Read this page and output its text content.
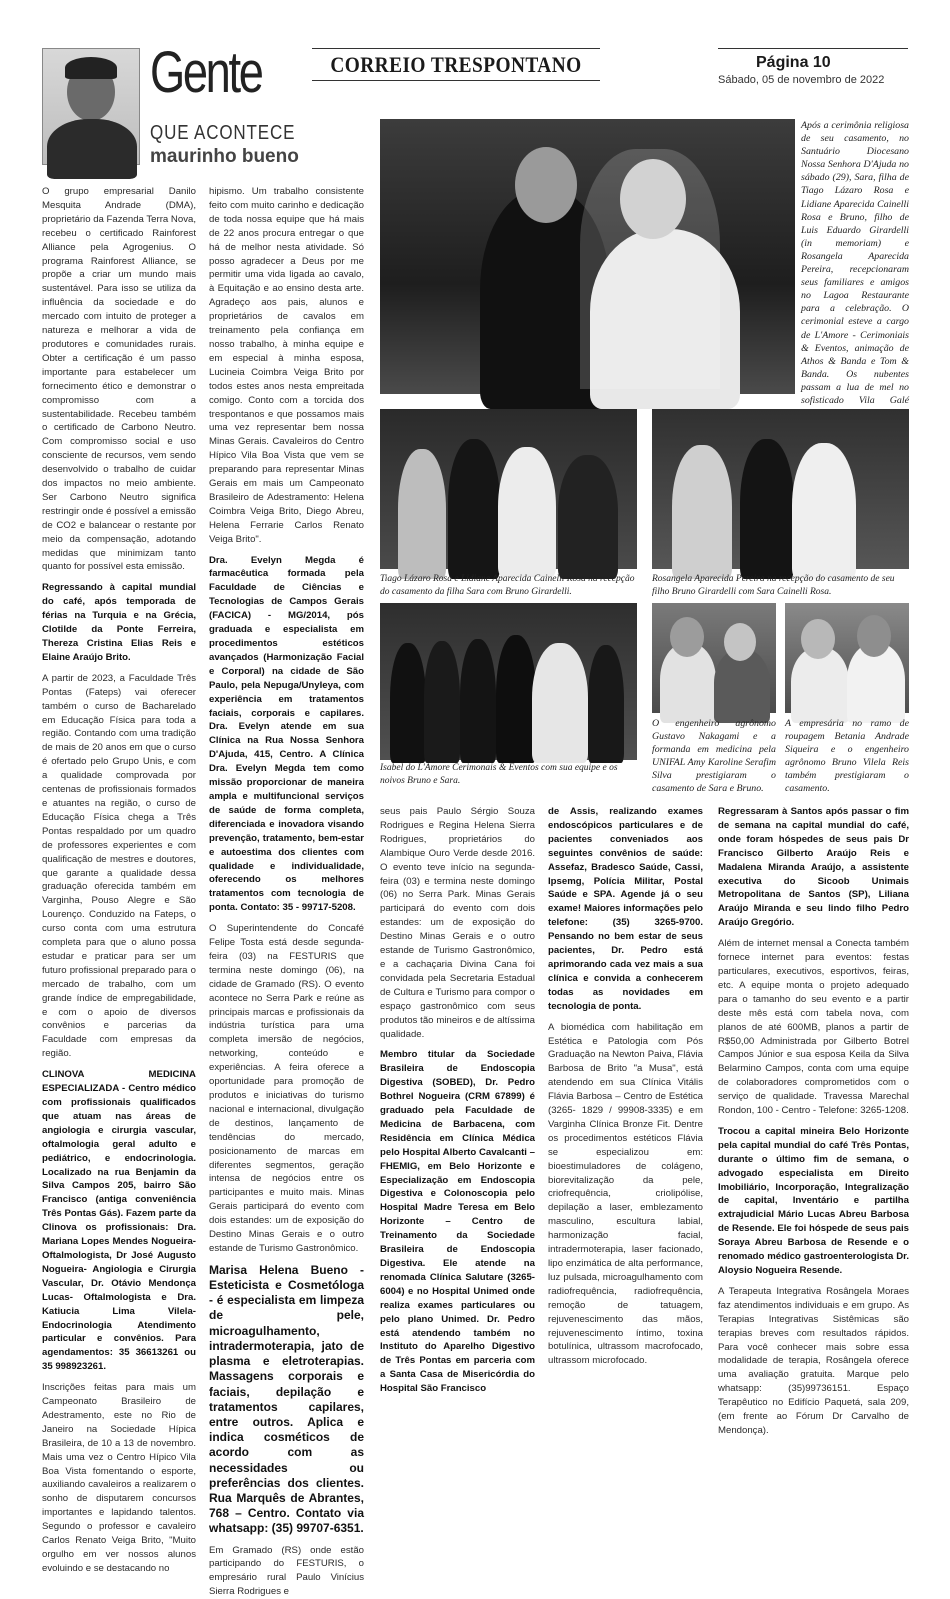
Gente
QUE ACONTECE
maurinho bueno
CORREIO TRESPONTANO	Página 10
Sábado, 05 de novembro de 2022
Após a cerimônia religiosa de seu casamento, no Santuário Diocesano Nossa Senhora D'Ajuda no sábado (29), Sara, filha de Tiago Lázaro Rosa e Lidiane Aparecida Cainelli Rosa e Bruno, filho de Luis Eduardo Girardelli (in memoriam) e Rosangela Aparecida Pereira, recepcionaram seus familiares e amigos no Lagoa Restaurante para a celebração. O cerimonial esteve a cargo de L'Amore - Cerimoniais & Eventos, animação de Athos & Banda e Tom & Banda. Os nubentes passam a lua de mel no sofisticado Vila Galé
Tiago Lázaro Rosa e Lidiane Aparecida Cainelli Rosa na recepção do casamento da filha Sara com Bruno Girardelli.
Rosangela Aparecida Pereira na recepção do casamento de seu filho Bruno Girardelli com Sara Cainelli Rosa.
Isabel do L'Amore Cerimonais & Eventos com sua equipe e os noivos Bruno e Sara.
O engenheiro agrônomo Gustavo Nakagami e a formanda em medicina pela UNIFAL Amy Karoline Serafim Silva prestigiaram o casamento de Sara e Bruno.
A empresária no ramo de roupagem Betania Andrade Siqueira e o engenheiro agrônomo Bruno Vilela Reis também prestigiaram o casamento.

O grupo empresarial Danilo Mesquita Andrade (DMA), proprietário da Fazenda Terra Nova, recebeu o certificado Rainforest Alliance pela Agrogenius. O programa Rainforest Alliance, se propõe a criar um mundo mais sustentável. Para isso se utiliza da influência da sociedade e do mercado com intuito de proteger a natureza e melhorar a vida de produtores e comunidades rurais. Obter a certificação é um passo importante para estabelecer um fornecimento ético e demonstrar o compromisso com a sustentabilidade. Recebeu também o certificado de Carbono Neutro. Com compromisso social e uso consciente de recursos, vem sendo desenvolvido o trabalho de cuidar dos impactos no meio ambiente. Ser Carbono Neutro significa restringir onde é possível a emissão de CO2 e balancear o restante por meio da compensação, adotando medidas que minimizam tanto quanto for possível esta emissão.

Regressando à capital mundial do café, após temporada de férias na Turquia e na Grécia, Clotilde da Ponte Ferreira, Thereza Cristina Elias Reis e Elaine Araújo Brito.

A partir de 2023, a Faculdade Três Pontas (Fateps) vai oferecer também o curso de Bacharelado em Educação Física para toda a região. Contando com uma tradição de mais de 20 anos em que o curso é ofertado pelo Grupo Unis, e com a qualidade comprovada por centenas de profissionais formados e atuantes na região, o curso de Educação Física chega a Três Pontas respaldado por um quadro de professores experientes e com qualificação de mestres e doutores, que garante a qualidade dessa graduação oferecida também em Varginha, Pouso Alegre e São Lourenço. Conduzido na Fateps, o curso conta com uma estrutura completa para que o aluno possa estudar e praticar para ser um futuro profissional preparado para o mercado de trabalho, com um grande índice de empregabilidade, e com o apoio de diversos convênios e parcerias da Faculdade com empresas da região.

CLINOVA MEDICINA ESPECIALIZADA - Centro médico com profissionais qualificados que atuam nas áreas de angiologia e cirurgia vascular, oftalmologia geral adulto e pediátrico, e endocrinologia. Localizado na rua Benjamin da Silva Campos 205, bairro São Francisco (antiga conveniência Três Pontas Gás). Fazem parte da Clinova os profissionais: Dra. Mariana Lopes Mendes Nogueira- Oftalmologista, Dr José Augusto Nogueira- Angiologia e Cirurgia Vascular, Dr. Otávio Mendonça Lucas- Oftalmologista e Dra. Katiucia Lima Vilela- Endocrinologia Atendimento particular e convênios. Para agendamentos: 35 36613261 ou 35 998923261.

Inscrições feitas para mais um Campeonato Brasileiro de Adestramento, este no Rio de Janeiro na Sociedade Hípica Brasileira, de 10 a 13 de novembro. Mais uma vez o Centro Hípico Vila Boa Vista fomentando o esporte, auxiliando cavaleiros a realizarem o sonho de disputarem concursos importantes e lapidando talentos. Segundo o professor e cavaleiro Carlos Renato Veiga Brito, "Muito orgulho em ver nossos alunos evoluindo e se destacando no

hipismo. Um trabalho consistente feito com muito carinho e dedicação de toda nossa equipe que há mais de 22 anos procura entregar o que há de melhor nesta atividade. Só posso agradecer a Deus por me permitir uma vida ligada ao cavalo, à Equitação e ao ensino desta arte. Agradeço aos pais, alunos e proprietários de cavalos em treinamento pela confiança em nosso trabalho, à minha equipe e em especial à minha esposa, Lucineia Coimbra Veiga Brito por todos estes anos nesta empreitada comigo. Conto com a torcida dos trespontanos e que possamos mais uma vez representar bem nossa Minas Gerais. Cavaleiros do Centro Hípico Vila Boa Vista que vem se preparando para representar Minas Gerais em mais um Campeonato Brasileiro de Adestramento: Helena Coimbra Veiga Brito, Diego Abreu, Helena Ferrarie Carlos Renato Veiga Brito".

Dra. Evelyn Megda é farmacêutica formada pela Faculdade de Ciências e Tecnologias de Campos Gerais (FACICA) - MG/2014, pós graduada e especialista em procedimentos estéticos avançados (Harmonização Facial e Corporal) na cidade de São Paulo, pela Nepuga/Unyleya, com experiência em tratamentos faciais, corporais e capilares. Dra. Evelyn atende em sua Clínica na Rua Nossa Senhora D'Ajuda, 415, Centro. A Clínica Dra. Evelyn Megda tem como missão proporcionar de maneira ampla e multifuncional serviços de saúde de forma completa, diferenciada e inovadora visando prevenção, tratamento, bem-estar e autoestima dos clientes com qualidade e individualidade, oferecendo os melhores tratamentos com tecnologia de ponta. Contato: 35 - 99717-5208.

O Superintendente do Concafé Felipe Tosta está desde segunda-feira (03) na FESTURIS que termina neste domingo (06), na cidade de Gramado (RS). O evento acontece no Serra Park e reúne as principais marcas e profissionais da indústria turística para uma completa imersão de negócios, networking, conteúdo e experiências. A feira oferece a oportunidade para promoção de produtos e iniciativas do turismo nacional e internacional, divulgação de destinos, lançamento de tendências do mercado, posicionamento de marcas em diferentes segmentos, geração intensa de negócios entre os participantes e muito mais. Minas Gerais participará do evento com dois estandes: um de exposição do Destino Minas Gerais e o outro estande de Turismo Gastronômico.

Marisa Helena Bueno - Esteticista e Cosmetóloga - é especialista em limpeza de pele, microagulhamento, intradermoterapia, jato de plasma e eletroterapias. Massagens corporais e faciais, depilação e tratamentos capilares, entre outros. Aplica e indica cosméticos de acordo com as necessidades ou preferências dos clientes. Rua Marquês de Abrantes, 768 – Centro. Contato via whatsapp: (35) 99707-6351.

Em Gramado (RS) onde estão participando do FESTURIS, o empresário rural Paulo Vinícius Sierra Rodrigues e

seus pais Paulo Sérgio Souza Rodrigues e Regina Helena Sierra Rodrigues, proprietários do Alambique Ouro Verde desde 2016. O evento teve início na segunda-feira (03) e termina neste domingo (06) no Serra Park. Minas Gerais participará do evento com dois estandes: um de exposição do Destino Minas Gerais e o outro estande de Turismo Gastronômico, e a cachaçaria Divina Cana foi convidada pela Secretaria Estadual de Cultura e Turismo para compor o espaço gastronômico com seus produtos tão mineiros e de altíssima qualidade.

Membro titular da Sociedade Brasileira de Endoscopia Digestiva (SOBED), Dr. Pedro Bothrel Nogueira (CRM 67899) é graduado pela Faculdade de Medicina de Barbacena, com Residência em Clínica Médica pelo Hospital Alberto Cavalcanti – FHEMIG, em Belo Horizonte e Especialização em Endoscopia Digestiva e Colonoscopia pelo Hospital Madre Teresa em Belo Horizonte – Centro de Treinamento da Sociedade Brasileira de Endoscopia Digestiva. Ele atende na renomada Clínica Salutare (3265- 6004) e no Hospital Unimed onde realiza exames particulares ou pelo plano Unimed. Dr. Pedro está atendendo também no Instituto do Aparelho Digestivo de Três Pontas em parceria com a Santa Casa de Misericórdia do Hospital São Francisco

de Assis, realizando exames endoscópicos particulares e de pacientes conveniados aos seguintes convênios de saúde: Assefaz, Bradesco Saúde, Cassi, Ipsemg, Polícia Militar, Postal Saúde e SPA. Agende já o seu exame! Maiores informações pelo telefone: (35) 3265-9700. Pensando no bem estar de seus pacientes, Dr. Pedro está aprimorando cada vez mais a sua clínica e convida a conhecerem todas as novidades em tecnologia de ponta.

A biomédica com habilitação em Estética e Patologia com Pós Graduação na Newton Paiva, Flávia Barbosa de Brito "a Musa", está atendendo em sua Clínica Vitális Flávia Barbosa – Centro de Estética (3265- 1829 / 99908-3335) e em Varginha Clínica Bronze Fit. Dentre os procedimentos estéticos Flávia se especializou em: bioestimuladores de colágeno, biorevitalização da pele, criofrequência, criolipólise, depilação a laser, emblezamento masculino, escultura labial, harmonização facial, intradermoterapia, laser facionado, lipo enzimática de alta performance, luz pulsada, microagulhamento com radiofrequência, radiofrequência, remoção de tatuagem, rejuvenescimento das mãos, rejuvenescimento íntimo, toxina botulínica, ultrassom macrofocado, ultrassom microfocado.

Regressaram à Santos após passar o fim de semana na capital mundial do café, onde foram hóspedes de seus pais Dr Francisco Gilberto Araújo Reis e Madalena Miranda Araújo, a assistente executiva do Sicoob Unimais Metropolitana de Santos (SP), Liliana Araújo Miranda e seu lindo filho Pedro Araújo Gregório.

Além de internet mensal a Conecta também fornece internet para eventos: festas particulares, executivos, esportivos, feiras, etc. A equipe monta o projeto adequado para o tamanho do seu evento e a partir deste mês está com tabela nova, com planos de até 600MB, planos a partir de R$50,00 Administrada por Gilberto Botrel Campos Júnior e sua esposa Keila da Silva Belarmino Campos, conta com uma equipe de colaboradores comprometidos com o serviço de qualidade. Travessa Marechal Rondon, 100 - Centro - Telefone: 3265-1208.

Trocou a capital mineira Belo Horizonte pela capital mundial do café Três Pontas, durante o último fim de semana, o advogado especialista em Direito Imobiliário, Incorporação, Integralização de capital, Inventário e partilha extrajudicial Mário Lucas Abreu Barbosa de Resende. Ele foi hóspede de seus pais Soraya Abreu Barbosa de Resende e o renomado médico gastroenterologista Dr. Aloysio Nogueira Resende.

A Terapeuta Integrativa Rosângela Moraes faz atendimentos individuais e em grupo. As Terapias Integrativas Sistêmicas são terapias breves com resultados rápidos. Para você conhecer mais sobre essa modalidade de terapia, Rosângela oferece uma avaliação gratuita. Marque pelo whatsapp: (35)99736151. Espaço Terapêutico no Edifício Paquetá, sala 209, (em frente ao Fórum Dr Carvalho de Mendonça).
